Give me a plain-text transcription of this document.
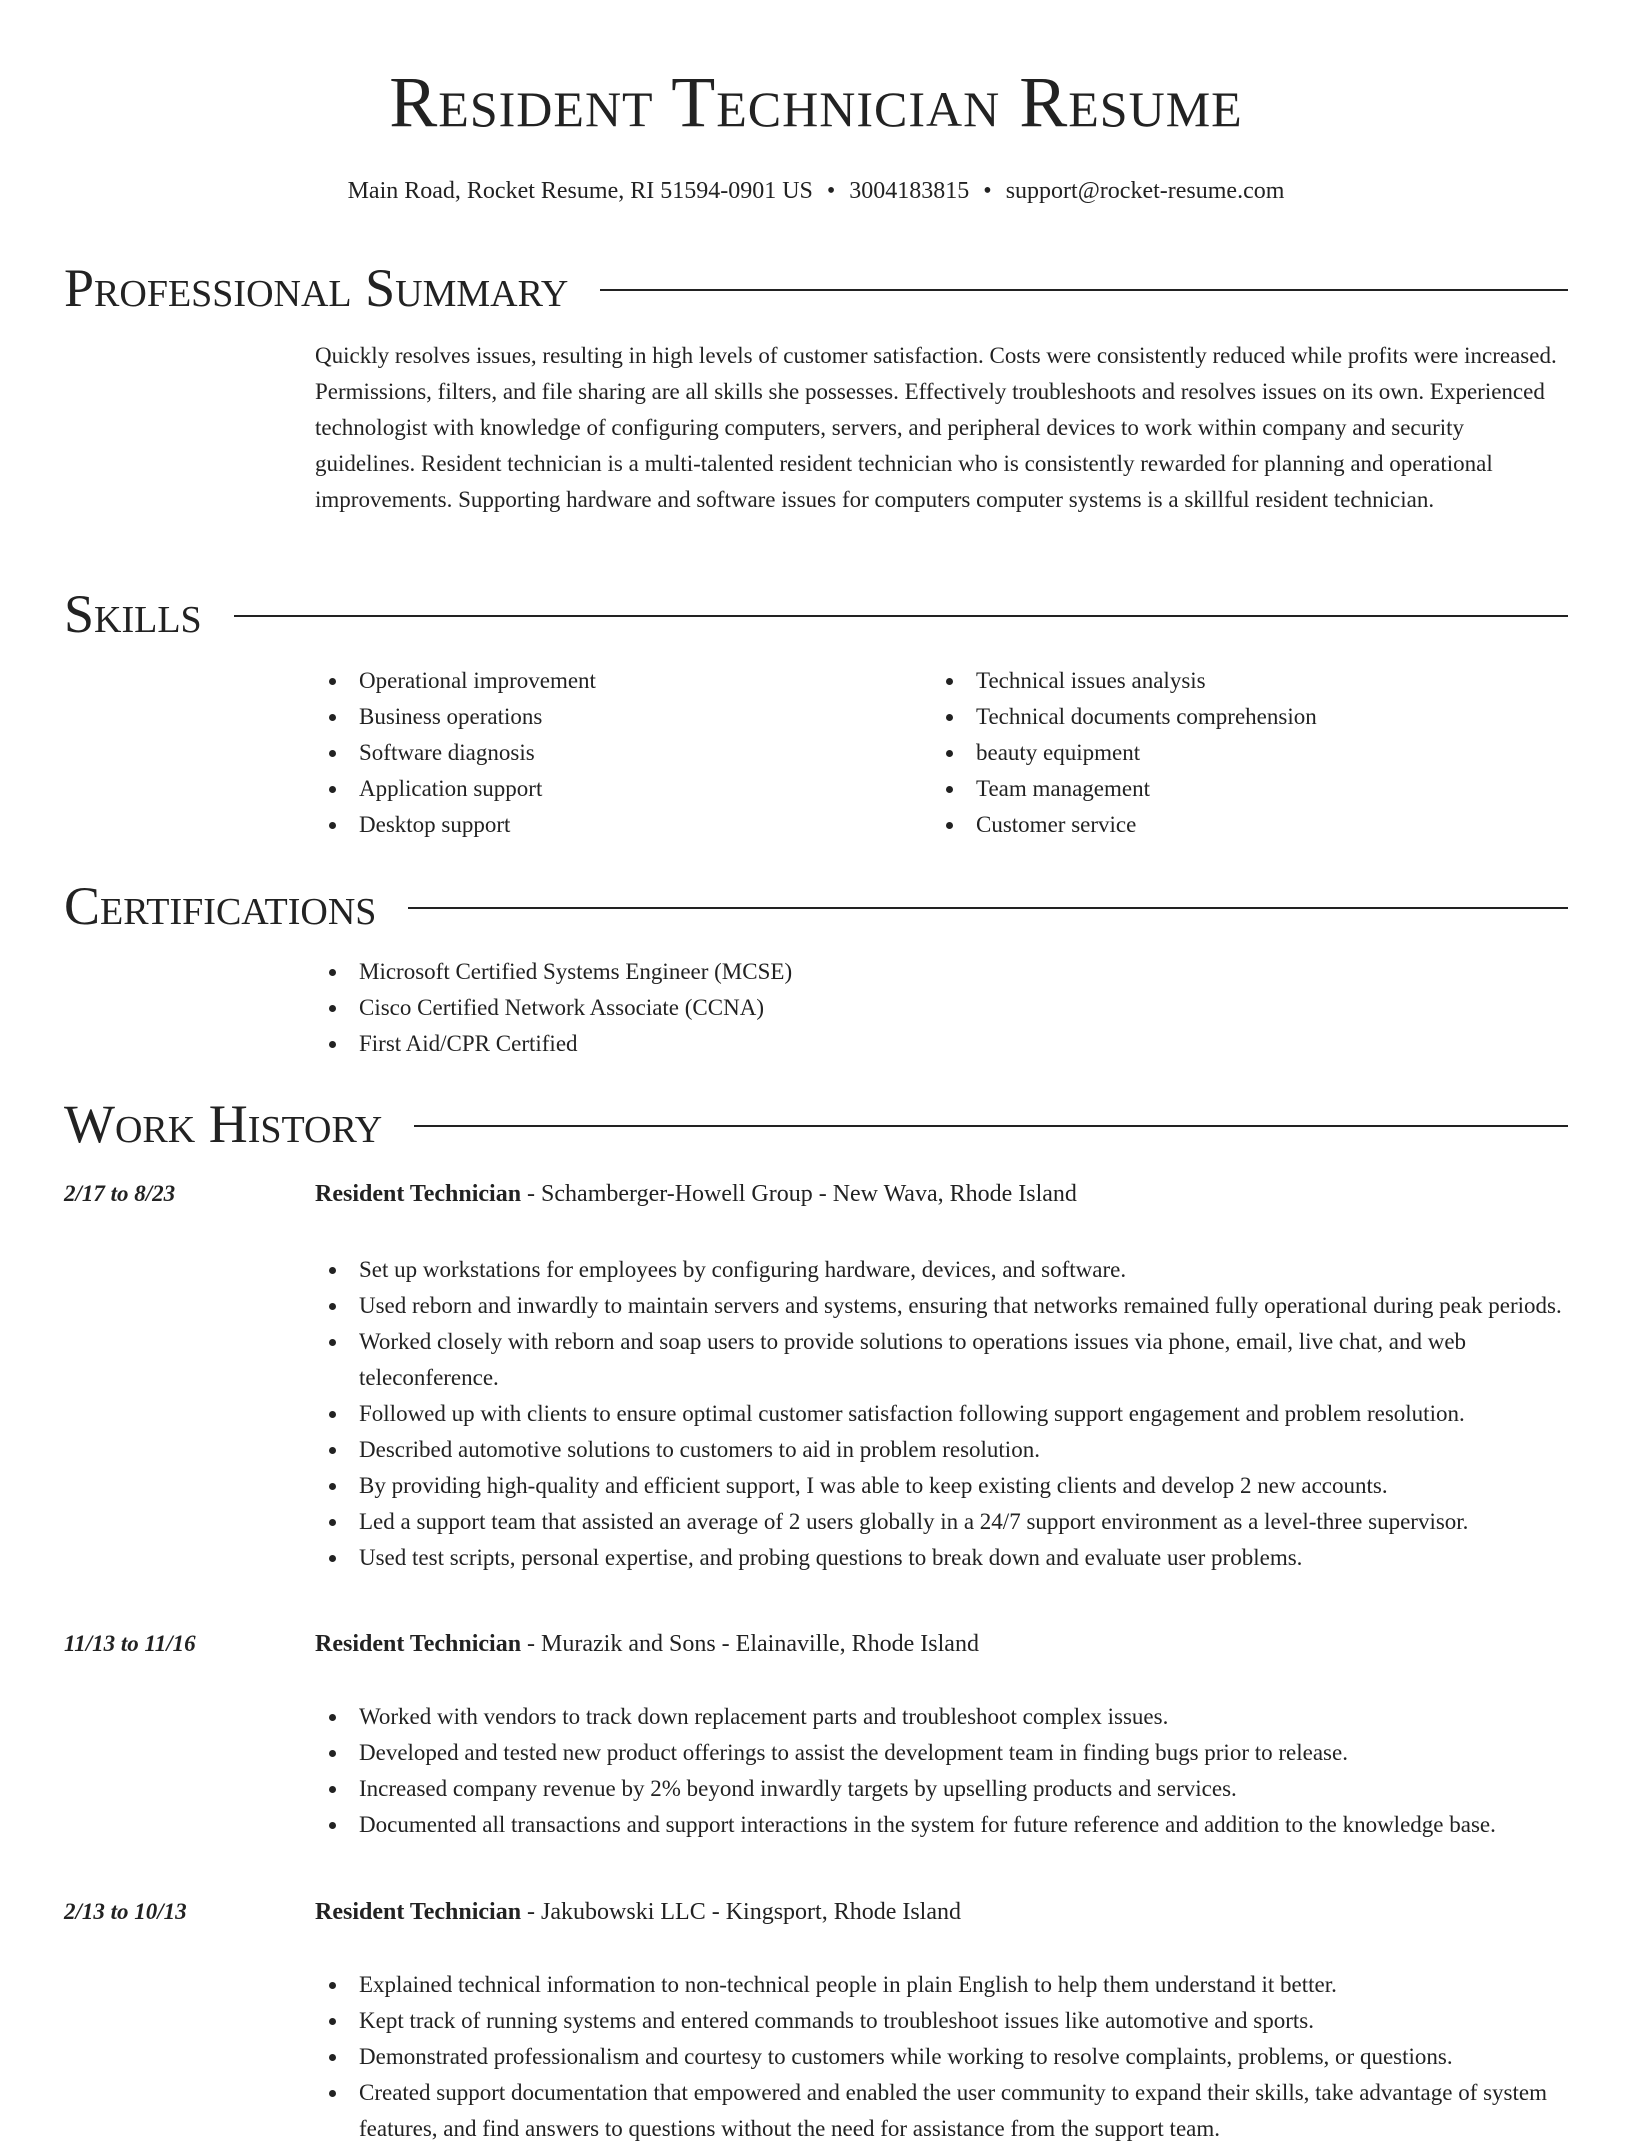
Resident Technician Resume
Main Road, Rocket Resume, RI 51594-0901 US • 3004183815 • support@rocket-resume.com
Professional Summary

Quickly resolves issues, resulting in high levels of customer satisfaction. Costs were consistently reduced while profits were increased. Permissions, filters, and file sharing are all skills she possesses. Effectively troubleshoots and resolves issues on its own. Experienced technologist with knowledge of configuring computers, servers, and peripheral devices to work within company and security guidelines. Resident technician is a multi-talented resident technician who is consistently rewarded for planning and operational improvements. Supporting hardware and software issues for computers computer systems is a skillful resident technician.

Skills
Operational improvement
Business operations
Software diagnosis
Application support
Desktop support
Technical issues analysis
Technical documents comprehension
beauty equipment
Team management
Customer service
Certifications
Microsoft Certified Systems Engineer (MCSE)
Cisco Certified Network Associate (CCNA)
First Aid/CPR Certified
Work History
2/17 to 8/23	Resident Technician - Schamberger-Howell Group - New Wava, Rhode Island
Set up workstations for employees by configuring hardware, devices, and software.
Used reborn and inwardly to maintain servers and systems, ensuring that networks remained fully operational during peak periods.
Worked closely with reborn and soap users to provide solutions to operations issues via phone, email, live chat, and web teleconference.
Followed up with clients to ensure optimal customer satisfaction following support engagement and problem resolution.
Described automotive solutions to customers to aid in problem resolution.
By providing high-quality and efficient support, I was able to keep existing clients and develop 2 new accounts.
Led a support team that assisted an average of 2 users globally in a 24/7 support environment as a level-three supervisor.
Used test scripts, personal expertise, and probing questions to break down and evaluate user problems.
11/13 to 11/16	Resident Technician - Murazik and Sons - Elainaville, Rhode Island
Worked with vendors to track down replacement parts and troubleshoot complex issues.
Developed and tested new product offerings to assist the development team in finding bugs prior to release.
Increased company revenue by 2% beyond inwardly targets by upselling products and services.
Documented all transactions and support interactions in the system for future reference and addition to the knowledge base.
2/13 to 10/13	Resident Technician - Jakubowski LLC - Kingsport, Rhode Island
Explained technical information to non-technical people in plain English to help them understand it better.
Kept track of running systems and entered commands to troubleshoot issues like automotive and sports.
Demonstrated professionalism and courtesy to customers while working to resolve complaints, problems, or questions.
Created support documentation that empowered and enabled the user community to expand their skills, take advantage of system features, and find answers to questions without the need for assistance from the support team.
